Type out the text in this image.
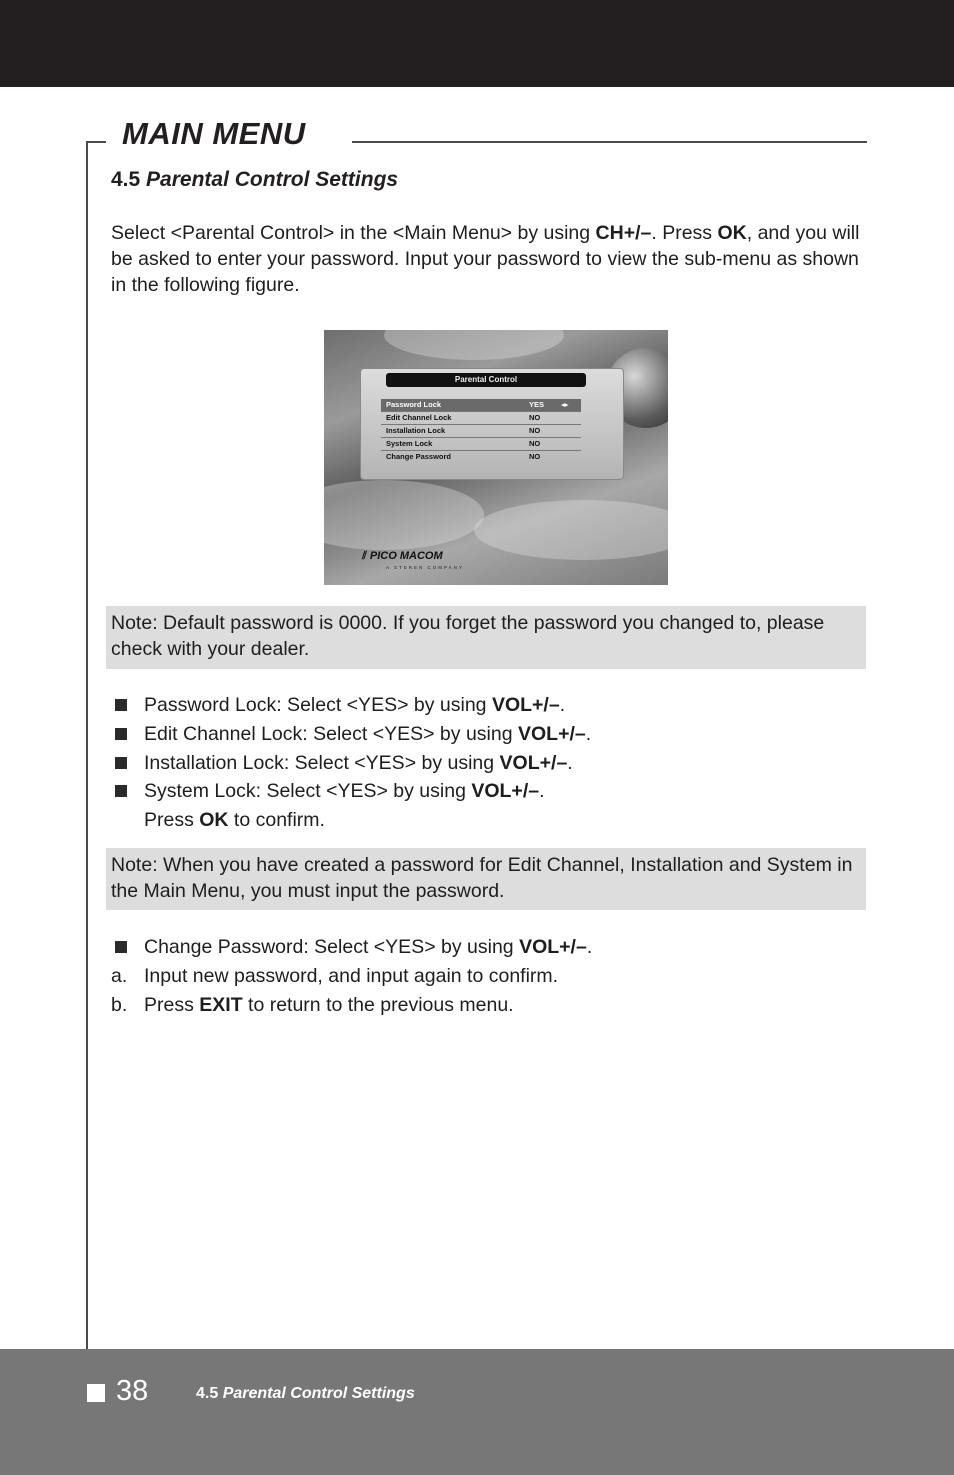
MAIN MENU
4.5 Parental Control Settings
Select <Parental Control> in the <Main Menu> by using CH+/–. Press OK, and you will be asked to enter your password. Input your password to view the sub-menu as shown in the following figure.
Parental Control
Password Lock	YES ◂▸
Edit Channel Lock	NO
Installation Lock	NO
System Lock	NO
Change Password	NO
⫽ PICO MACOM
A STEREN COMPANY
Note: Default password is 0000. If you forget the password you changed to, please check with your dealer.
Password Lock: Select <YES> by using VOL+/–.
Edit Channel Lock: Select <YES> by using VOL+/–.
Installation Lock: Select <YES> by using VOL+/–.
System Lock: Select <YES> by using VOL+/–.
Press OK to confirm.
Note: When you have created a password for Edit Channel, Installation and System in the Main Menu, you must input the password.
Change Password: Select <YES> by using VOL+/–.
a. Input new password, and input again to confirm.
b. Press EXIT to return to the previous menu.
38	4.5 Parental Control Settings
